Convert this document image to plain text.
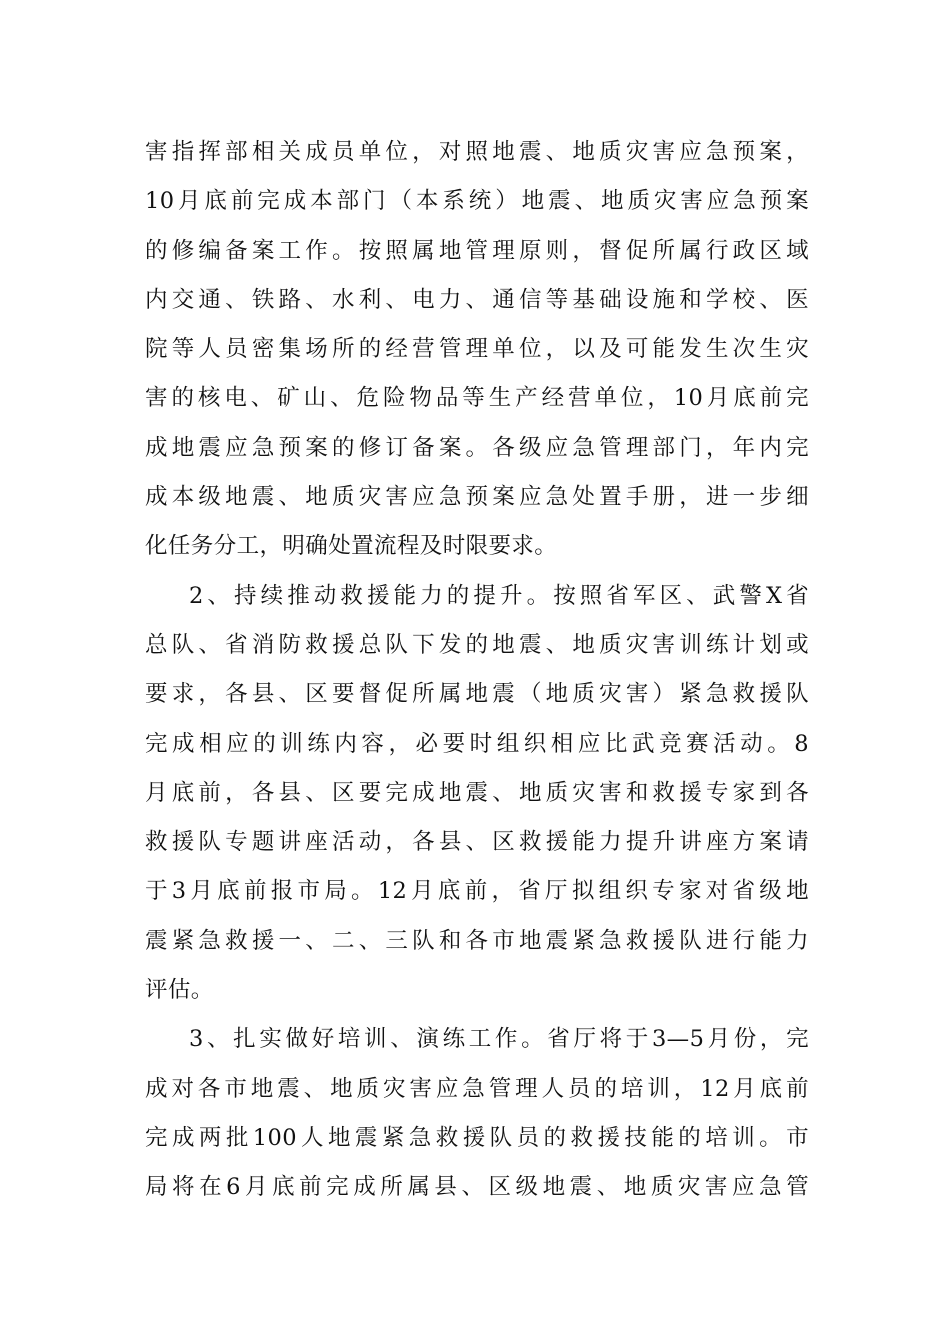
害指挥部相关成员单位，对照地震、地质灾害应急预案，
10月底前完成本部门（本系统）地震、地质灾害应急预案
的修编备案工作。按照属地管理原则，督促所属行政区域
内交通、铁路、水利、电力、通信等基础设施和学校、医
院等人员密集场所的经营管理单位，以及可能发生次生灾
害的核电、矿山、危险物品等生产经营单位，10月底前完
成地震应急预案的修订备案。各级应急管理部门，年内完
成本级地震、地质灾害应急预案应急处置手册，进一步细
化任务分工，明确处置流程及时限要求。
2、持续推动救援能力的提升。按照省军区、武警X省
总队、省消防救援总队下发的地震、地质灾害训练计划或
要求，各县、区要督促所属地震（地质灾害）紧急救援队
完成相应的训练内容，必要时组织相应比武竞赛活动。8
月底前，各县、区要完成地震、地质灾害和救援专家到各
救援队专题讲座活动，各县、区救援能力提升讲座方案请
于3月底前报市局。12月底前，省厅拟组织专家对省级地
震紧急救援一、二、三队和各市地震紧急救援队进行能力
评估。
3、扎实做好培训、演练工作。省厅将于3—5月份，完
成对各市地震、地质灾害应急管理人员的培训，12月底前
完成两批100人地震紧急救援队员的救援技能的培训。市
局将在6月底前完成所属县、区级地震、地质灾害应急管
